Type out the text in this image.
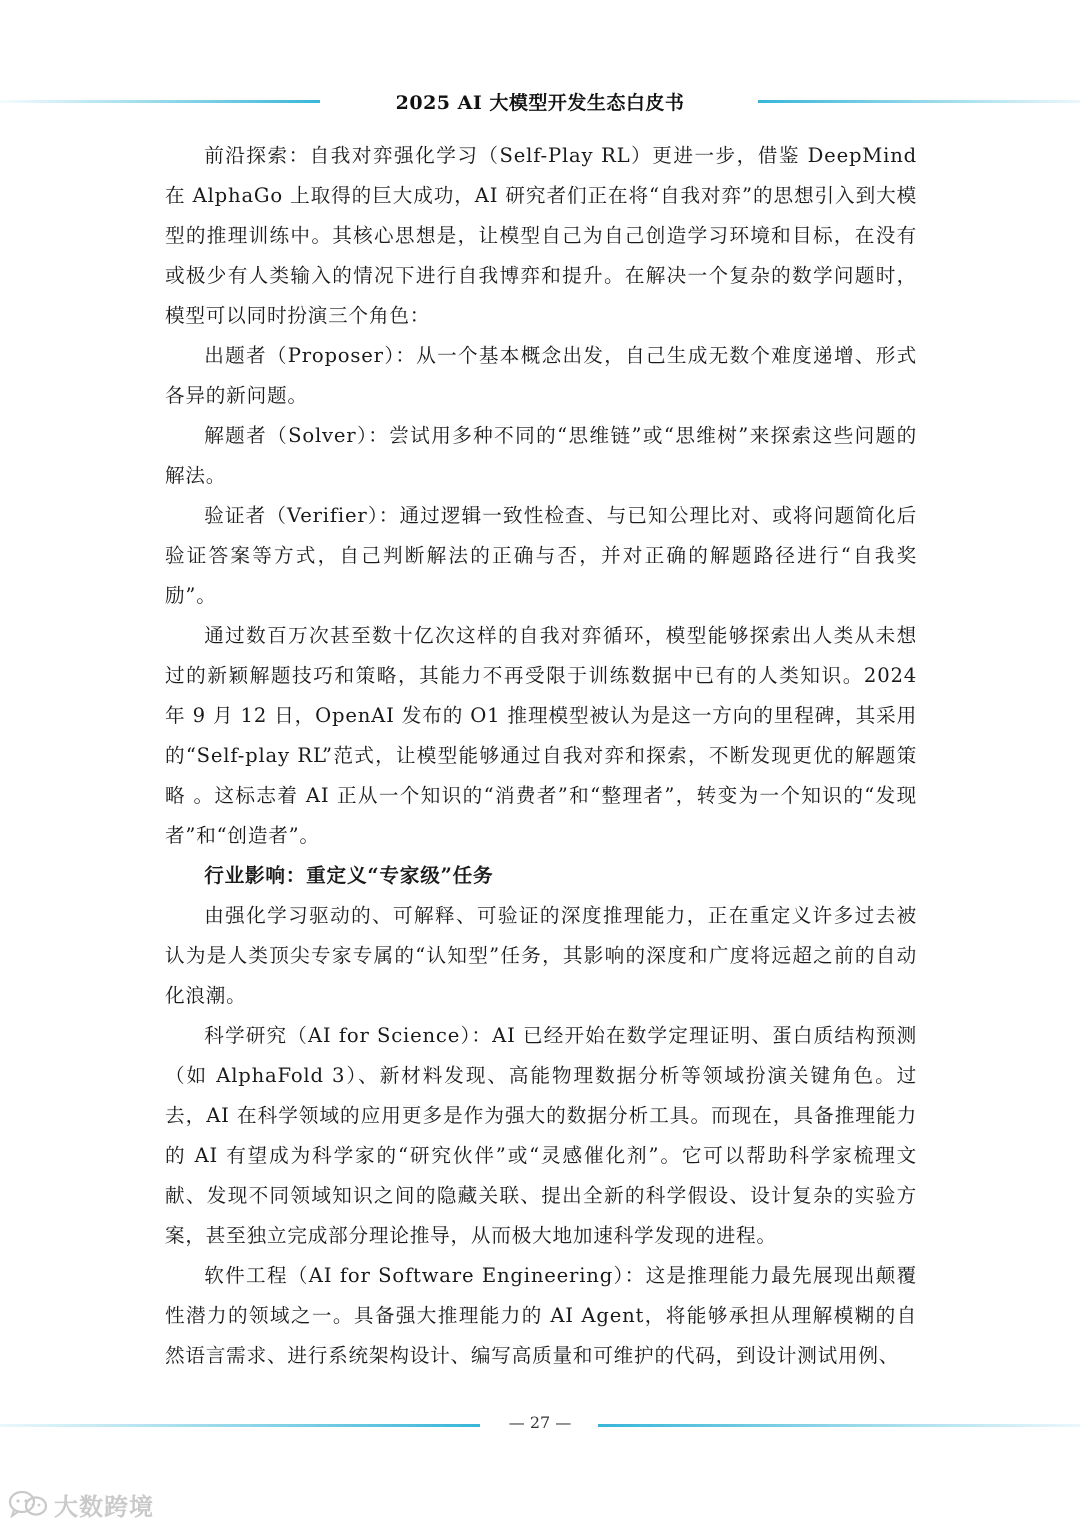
2025 AI 大模型开发生态白皮书

前沿探索：自我对弈强化学习（Self-Play RL）更进一步，借鉴 DeepMind 在 AlphaGo 上取得的巨大成功，AI 研究者们正在将“自我对弈”的思想引入到大模型的推理训练中。其核心思想是，让模型自己为自己创造学习环境和目标，在没有或极少有人类输入的情况下进行自我博弈和提升。在解决一个复杂的数学问题时，模型可以同时扮演三个角色：

出题者（Proposer）：从一个基本概念出发，自己生成无数个难度递增、形式各异的新问题。

解题者（Solver）：尝试用多种不同的“思维链”或“思维树”来探索这些问题的解法。

验证者（Verifier）：通过逻辑一致性检查、与已知公理比对、或将问题简化后验证答案等方式，自己判断解法的正确与否，并对正确的解题路径进行“自我奖励”。

通过数百万次甚至数十亿次这样的自我对弈循环，模型能够探索出人类从未想过的新颖解题技巧和策略，其能力不再受限于训练数据中已有的人类知识。2024 年 9 月 12 日，OpenAI 发布的 O1 推理模型被认为是这一方向的里程碑，其采用的“Self-play RL”范式，让模型能够通过自我对弈和探索，不断发现更优的解题策略 。这标志着 AI 正从一个知识的“消费者”和“整理者”，转变为一个知识的“发现者”和“创造者”。

行业影响：重定义“专家级”任务

由强化学习驱动的、可解释、可验证的深度推理能力，正在重定义许多过去被认为是人类顶尖专家专属的“认知型”任务，其影响的深度和广度将远超之前的自动化浪潮。

科学研究（AI for Science）：AI 已经开始在数学定理证明、蛋白质结构预测（如 AlphaFold 3）、新材料发现、高能物理数据分析等领域扮演关键角色。过去，AI 在科学领域的应用更多是作为强大的数据分析工具。而现在，具备推理能力的 AI 有望成为科学家的“研究伙伴”或“灵感催化剂”。它可以帮助科学家梳理文献、发现不同领域知识之间的隐藏关联、提出全新的科学假设、设计复杂的实验方案，甚至独立完成部分理论推导，从而极大地加速科学发现的进程。

软件工程（AI for Software Engineering）：这是推理能力最先展现出颠覆性潜力的领域之一。具备强大推理能力的 AI Agent，将能够承担从理解模糊的自然语言需求、进行系统架构设计、编写高质量和可维护的代码，到设计测试用例、

— 27 —
大数跨境
